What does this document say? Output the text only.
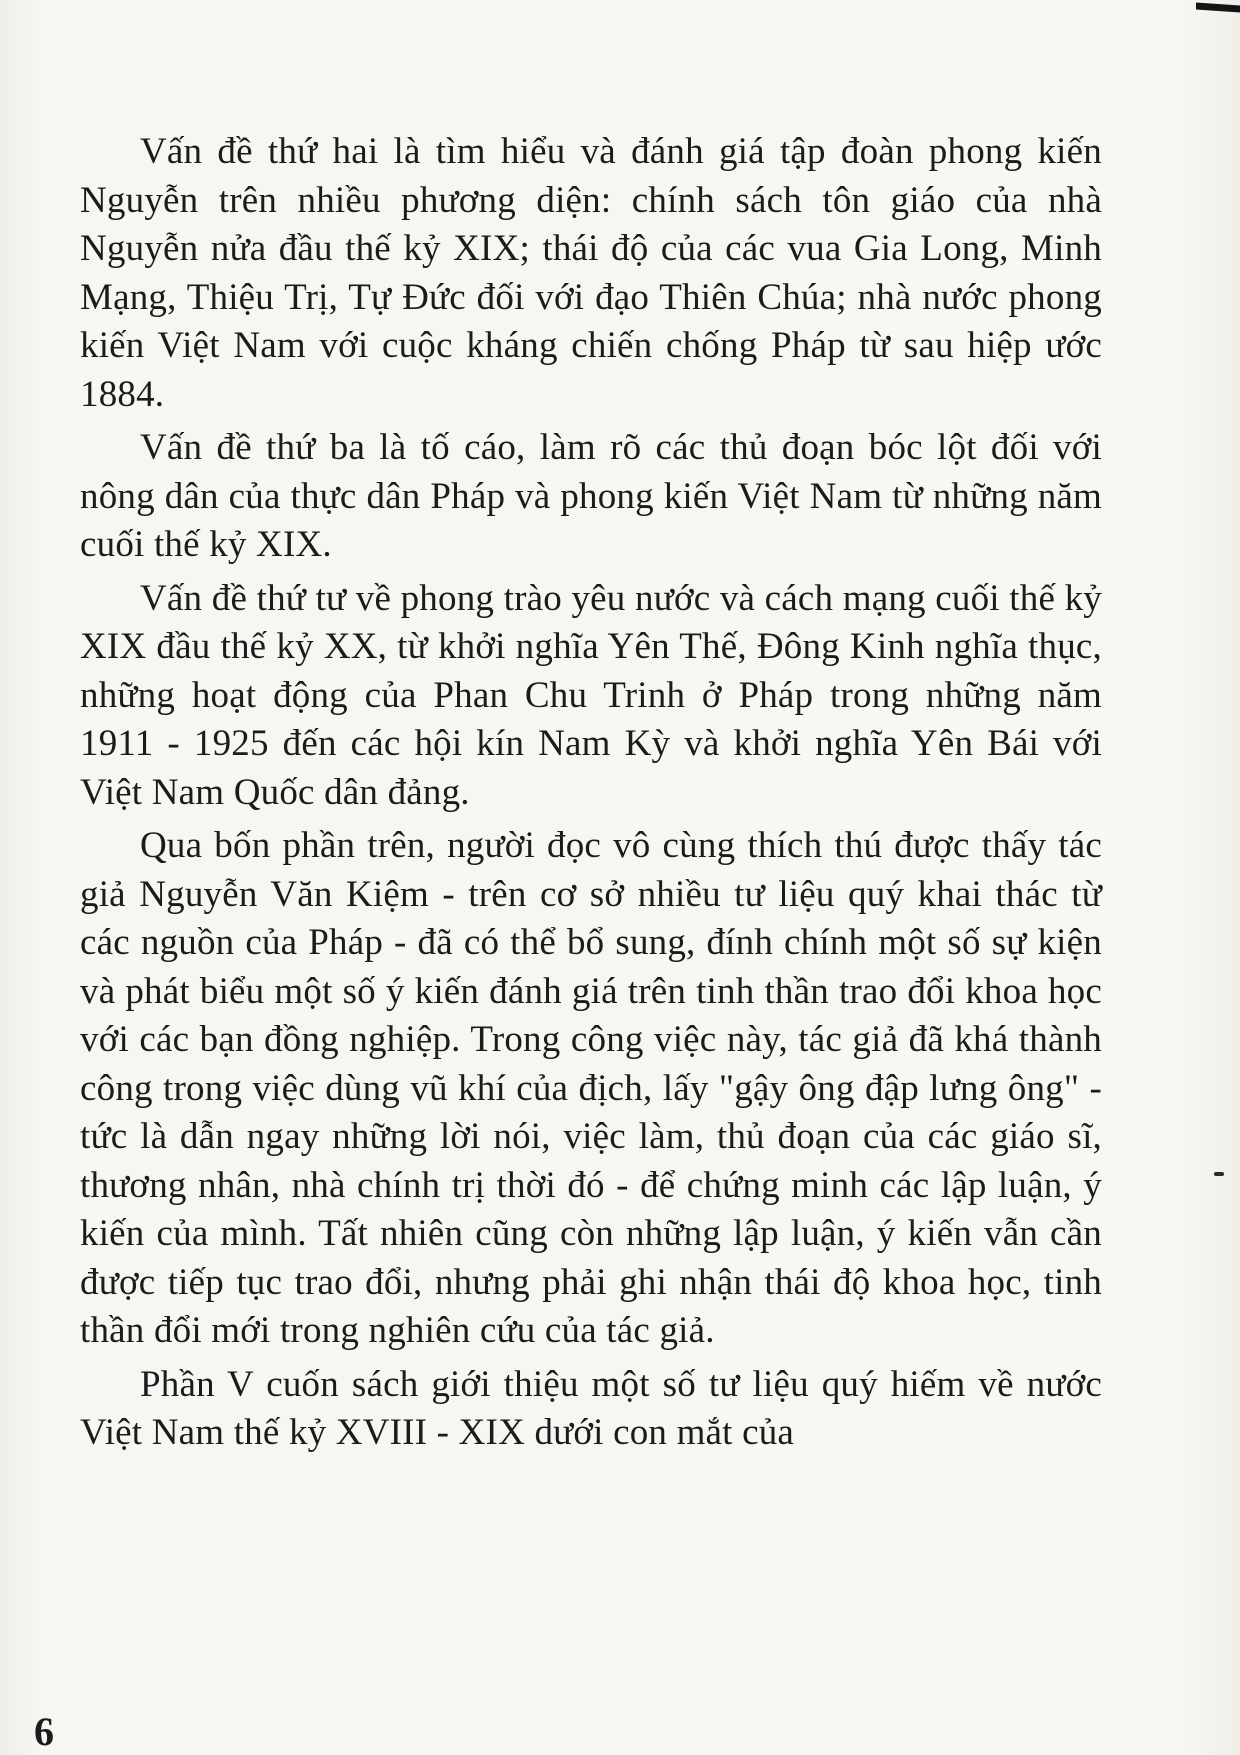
Vấn đề thứ hai là tìm hiểu và đánh giá tập đoàn phong kiến Nguyễn trên nhiều phương diện: chính sách tôn giáo của nhà Nguyễn nửa đầu thế kỷ XIX; thái độ của các vua Gia Long, Minh Mạng, Thiệu Trị, Tự Đức đối với đạo Thiên Chúa; nhà nước phong kiến Việt Nam với cuộc kháng chiến chống Pháp từ sau hiệp ước 1884.

Vấn đề thứ ba là tố cáo, làm rõ các thủ đoạn bóc lột đối với nông dân của thực dân Pháp và phong kiến Việt Nam từ những năm cuối thế kỷ XIX.

Vấn đề thứ tư về phong trào yêu nước và cách mạng cuối thế kỷ XIX đầu thế kỷ XX, từ khởi nghĩa Yên Thế, Đông Kinh nghĩa thục, những hoạt động của Phan Chu Trinh ở Pháp trong những năm 1911 - 1925 đến các hội kín Nam Kỳ và khởi nghĩa Yên Bái với Việt Nam Quốc dân đảng.

Qua bốn phần trên, người đọc vô cùng thích thú được thấy tác giả Nguyễn Văn Kiệm - trên cơ sở nhiều tư liệu quý khai thác từ các nguồn của Pháp - đã có thể bổ sung, đính chính một số sự kiện và phát biểu một số ý kiến đánh giá trên tinh thần trao đổi khoa học với các bạn đồng nghiệp. Trong công việc này, tác giả đã khá thành công trong việc dùng vũ khí của địch, lấy "gậy ông đập lưng ông" - tức là dẫn ngay những lời nói, việc làm, thủ đoạn của các giáo sĩ, thương nhân, nhà chính trị thời đó - để chứng minh các lập luận, ý kiến của mình. Tất nhiên cũng còn những lập luận, ý kiến vẫn cần được tiếp tục trao đổi, nhưng phải ghi nhận thái độ khoa học, tinh thần đổi mới trong nghiên cứu của tác giả.

Phần V cuốn sách giới thiệu một số tư liệu quý hiếm về nước Việt Nam thế kỷ XVIII - XIX dưới con mắt của

6
